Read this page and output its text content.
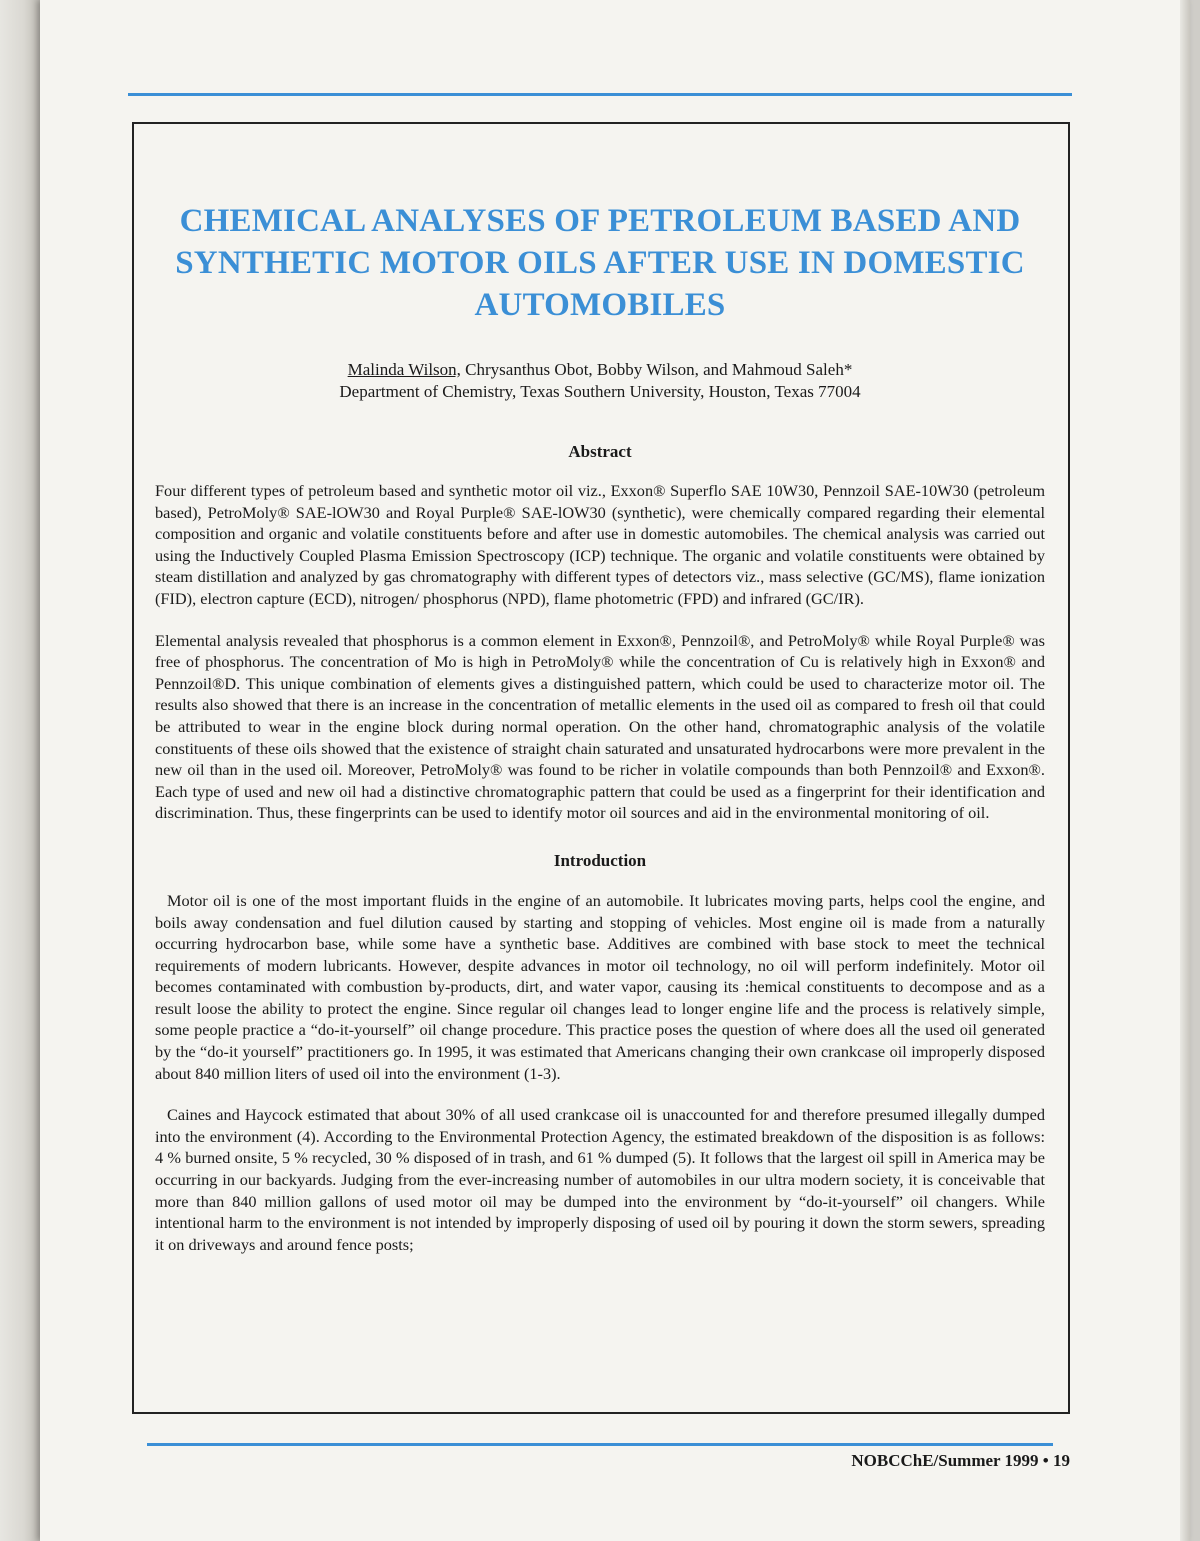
CHEMICAL ANALYSES OF PETROLEUM BASED AND SYNTHETIC MOTOR OILS AFTER USE IN DOMESTIC AUTOMOBILES
Malinda Wilson, Chrysanthus Obot, Bobby Wilson, and Mahmoud Saleh*
Department of Chemistry, Texas Southern University, Houston, Texas 77004
Abstract

Four different types of petroleum based and synthetic motor oil viz., Exxon® Superflo SAE 10W30, Pennzoil SAE-10W30 (petroleum based), PetroMoly® SAE-lOW30 and Royal Purple® SAE-lOW30 (synthetic), were chemically compared regarding their elemental composition and organic and volatile constituents before and after use in domestic automobiles. The chemical analysis was carried out using the Inductively Coupled Plasma Emission Spectroscopy (ICP) technique. The organic and volatile constituents were obtained by steam distillation and analyzed by gas chromatography with different types of detectors viz., mass selective (GC/MS), flame ionization (FID), electron capture (ECD), nitrogen/ phosphorus (NPD), flame photometric (FPD) and infrared (GC/IR).

Elemental analysis revealed that phosphorus is a common element in Exxon®, Pennzoil®, and PetroMoly® while Royal Purple® was free of phosphorus. The concentration of Mo is high in PetroMoly® while the concentration of Cu is relatively high in Exxon® and Pennzoil®D. This unique combination of elements gives a distinguished pattern, which could be used to characterize motor oil. The results also showed that there is an increase in the concentration of metallic elements in the used oil as compared to fresh oil that could be attributed to wear in the engine block during normal operation. On the other hand, chromatographic analysis of the volatile constituents of these oils showed that the existence of straight chain saturated and unsaturated hydrocarbons were more prevalent in the new oil than in the used oil. Moreover, PetroMoly® was found to be richer in volatile compounds than both Pennzoil® and Exxon®. Each type of used and new oil had a distinctive chromatographic pattern that could be used as a fingerprint for their identification and discrimination. Thus, these fingerprints can be used to identify motor oil sources and aid in the environmental monitoring of oil.

Introduction

Motor oil is one of the most important fluids in the engine of an automobile. It lubricates moving parts, helps cool the engine, and boils away condensation and fuel dilution caused by starting and stopping of vehicles. Most engine oil is made from a naturally occurring hydrocarbon base, while some have a synthetic base. Additives are combined with base stock to meet the technical requirements of modern lubricants. However, despite advances in motor oil technology, no oil will perform indefinitely. Motor oil becomes contaminated with combustion by-products, dirt, and water vapor, causing its :hemical constituents to decompose and as a result loose the ability to protect the engine. Since regular oil changes lead to longer engine life and the process is relatively simple, some people practice a “do-it-yourself” oil change procedure. This practice poses the question of where does all the used oil generated by the “do-it yourself” practitioners go. In 1995, it was estimated that Americans changing their own crankcase oil improperly disposed about 840 million liters of used oil into the environment (1-3).

Caines and Haycock estimated that about 30% of all used crankcase oil is unaccounted for and therefore presumed illegally dumped into the environment (4). According to the Environmental Protection Agency, the estimated breakdown of the disposition is as follows: 4 % burned onsite, 5 % recycled, 30 % disposed of in trash, and 61 % dumped (5). It follows that the largest oil spill in America may be occurring in our backyards. Judging from the ever-increasing number of automobiles in our ultra modern society, it is conceivable that more than 840 million gallons of used motor oil may be dumped into the environment by “do-it-yourself” oil changers. While intentional harm to the environment is not intended by improperly disposing of used oil by pouring it down the storm sewers, spreading it on driveways and around fence posts;

NOBCChE/Summer 1999 • 19
